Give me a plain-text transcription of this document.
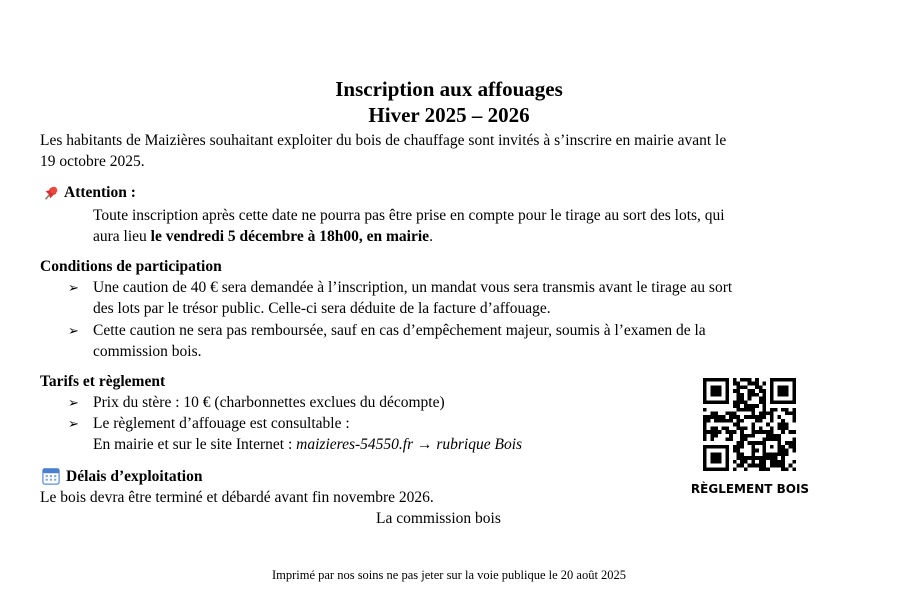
Inscription aux affouages
Hiver 2025 – 2026
Les habitants de Maizières souhaitant exploiter du bois de chauffage sont invités à s’inscrire en mairie avant le
19 octobre 2025.
Attention :
Toute inscription après cette date ne pourra pas être prise en compte pour le tirage au sort des lots, qui
aura lieu le vendredi 5 décembre à 18h00, en mairie.
Conditions de participation
➢ Une caution de 40 € sera demandée à l’inscription, un mandat vous sera transmis avant le tirage au sort
des lots par le trésor public. Celle-ci sera déduite de la facture d’affouage.
➢ Cette caution ne sera pas remboursée, sauf en cas d’empêchement majeur, soumis à l’examen de la
commission bois.
Tarifs et règlement
➢ Prix du stère : 10 € (charbonnettes exclues du décompte)
➢ Le règlement d’affouage est consultable :
En mairie et sur le site Internet : maizieres-54550.fr → rubrique Bois
RÈGLEMENT BOIS
Délais d’exploitation
Le bois devra être terminé et débardé avant fin novembre 2026.
La commission bois
Imprimé par nos soins ne pas jeter sur la voie publique le 20 août 2025
